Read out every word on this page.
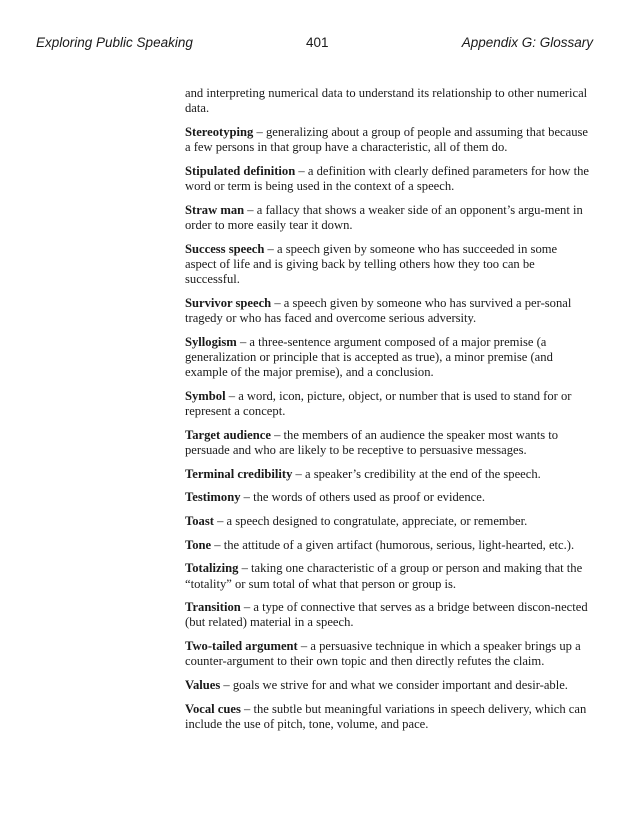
Exploring Public Speaking	401	Appendix G: Glossary

and interpreting numerical data to understand its relationship to other numerical data.

Stereotyping – generalizing about a group of people and assuming that because a few persons in that group have a characteristic, all of them do.

Stipulated definition – a definition with clearly defined parameters for how the word or term is being used in the context of a speech.

Straw man – a fallacy that shows a weaker side of an opponent’s argu-ment in order to more easily tear it down.

Success speech – a speech given by someone who has succeeded in some aspect of life and is giving back by telling others how they too can be successful.

Survivor speech – a speech given by someone who has survived a per-sonal tragedy or who has faced and overcome serious adversity.

Syllogism – a three-sentence argument composed of a major premise (a generalization or principle that is accepted as true), a minor premise (and example of the major premise), and a conclusion.

Symbol – a word, icon, picture, object, or number that is used to stand for or represent a concept.

Target audience – the members of an audience the speaker most wants to persuade and who are likely to be receptive to persuasive messages.

Terminal credibility – a speaker’s credibility at the end of the speech.

Testimony – the words of others used as proof or evidence.

Toast – a speech designed to congratulate, appreciate, or remember.

Tone – the attitude of a given artifact (humorous, serious, light-hearted, etc.).

Totalizing – taking one characteristic of a group or person and making that the “totality” or sum total of what that person or group is.

Transition – a type of connective that serves as a bridge between discon-nected (but related) material in a speech.

Two-tailed argument – a persuasive technique in which a speaker brings up a counter-argument to their own topic and then directly refutes the claim.

Values – goals we strive for and what we consider important and desir-able.

Vocal cues – the subtle but meaningful variations in speech delivery, which can include the use of pitch, tone, volume, and pace.
